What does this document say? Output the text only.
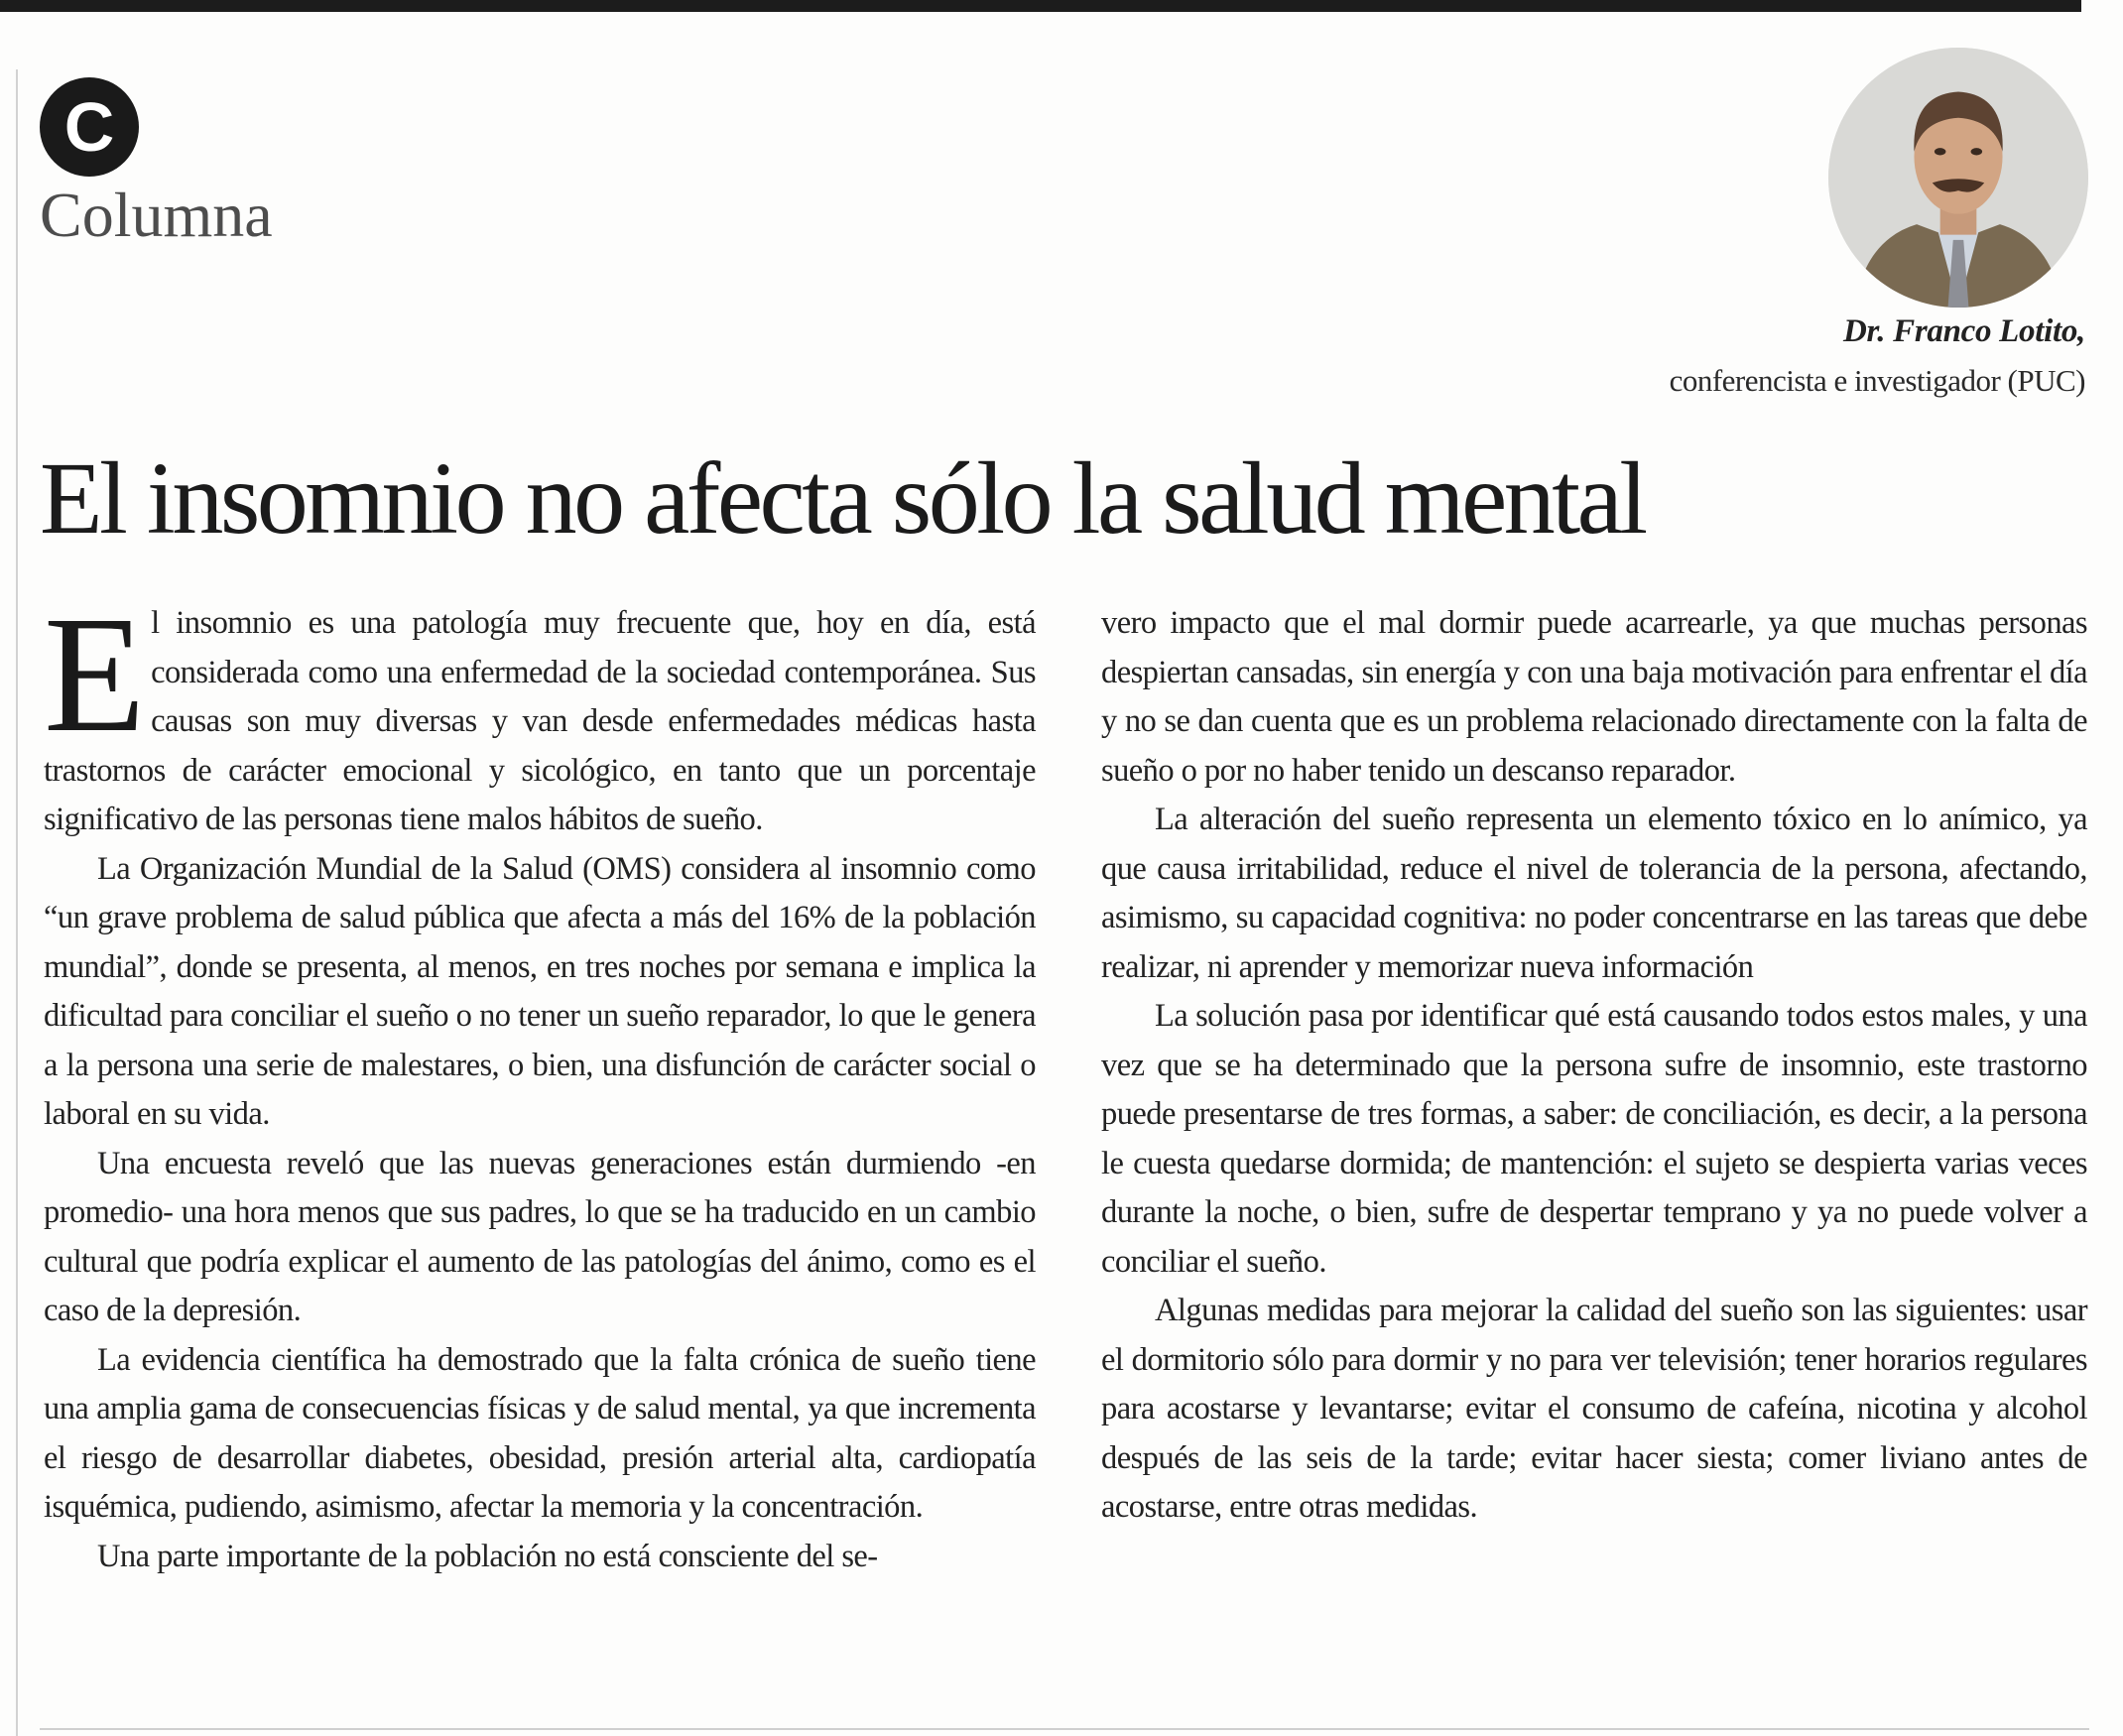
C
Columna
Dr. Franco Lotito,
conferencista e investigador (PUC)
El insomnio no afecta sólo la salud mental

El insomnio es una patología muy frecuente que, hoy en día, está considerada como una enfermedad de la sociedad contemporánea. Sus causas son muy diversas y van desde enfermedades médicas hasta trastornos de carácter emocional y sicológico, en tanto que un porcentaje significativo de las personas tiene malos hábitos de sueño.

La Organización Mundial de la Salud (OMS) considera al insomnio como “un grave problema de salud pública que afecta a más del 16% de la población mundial”, donde se presenta, al menos, en tres noches por semana e implica la dificultad para conciliar el sueño o no tener un sueño reparador, lo que le genera a la persona una serie de malestares, o bien, una disfunción de carácter social o laboral en su vida.

Una encuesta reveló que las nuevas generaciones están durmiendo -en promedio- una hora menos que sus padres, lo que se ha traducido en un cambio cultural que podría explicar el aumento de las patologías del ánimo, como es el caso de la depresión.

La evidencia científica ha demostrado que la falta crónica de sueño tiene una amplia gama de consecuencias físicas y de salud mental, ya que incrementa el riesgo de desarrollar diabetes, obesidad, presión arterial alta, cardiopatía isquémica, pudiendo, asimismo, afectar la memoria y la concentración.

Una parte importante de la población no está consciente del se-

vero impacto que el mal dormir puede acarrearle, ya que muchas personas despiertan cansadas, sin energía y con una baja motivación para enfrentar el día y no se dan cuenta que es un problema relacionado directamente con la falta de sueño o por no haber tenido un descanso reparador.

La alteración del sueño representa un elemento tóxico en lo anímico, ya que causa irritabilidad, reduce el nivel de tolerancia de la persona, afectando, asimismo, su capacidad cognitiva: no poder concentrarse en las tareas que debe realizar, ni aprender y memorizar nueva información

La solución pasa por identificar qué está causando todos estos males, y una vez que se ha determinado que la persona sufre de insomnio, este trastorno puede presentarse de tres formas, a saber: de conciliación, es decir, a la persona le cuesta quedarse dormida; de mantención: el sujeto se despierta varias veces durante la noche, o bien, sufre de despertar temprano y ya no puede volver a conciliar el sueño.

Algunas medidas para mejorar la calidad del sueño son las siguientes: usar el dormitorio sólo para dormir y no para ver televisión; tener horarios regulares para acostarse y levantarse; evitar el consumo de cafeína, nicotina y alcohol después de las seis de la tarde; evitar hacer siesta; comer liviano antes de acostarse, entre otras medidas.
